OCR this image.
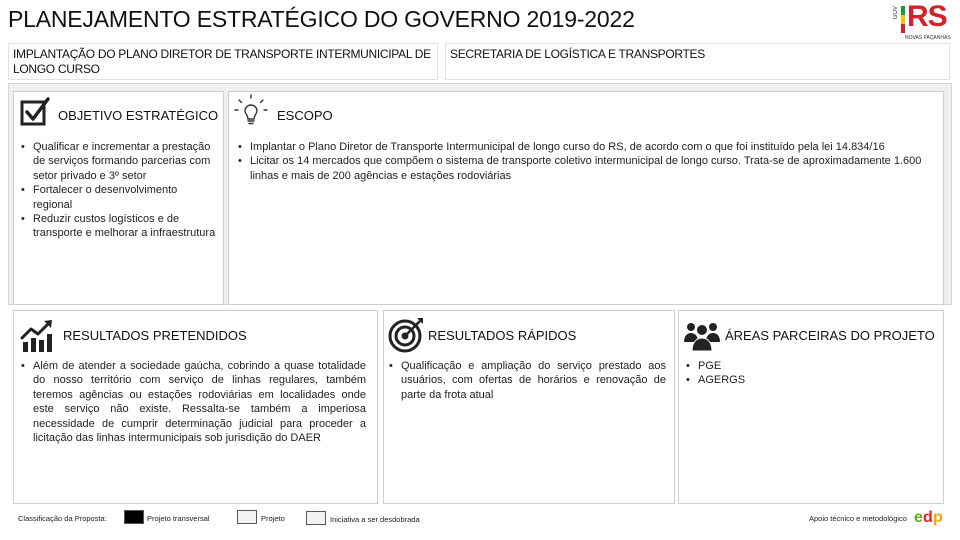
PLANEJAMENTO ESTRATÉGICO DO GOVERNO 2019-2022	GOV RS
NOVAS PAÇANHAS
IMPLANTAÇÃO DO PLANO DIRETOR DE TRANSPORTE INTERMUNICIPAL DE LONGO CURSO
SECRETARIA DE LOGÍSTICA E TRANSPORTES
OBJETIVO ESTRATÉGICO
• Qualificar e incrementar a prestação de serviços formando parcerias com setor privado e 3º setor
• Fortalecer o desenvolvimento regional
• Reduzir custos logísticos e de transporte e melhorar a infraestrutura
ESCOPO
• Implantar o Plano Diretor de Transporte Intermunicipal de longo curso do RS, de acordo com o que foi instituído pela lei 14.834/16
• Licitar os 14 mercados que compõem o sistema de transporte coletivo intermunicipal de longo curso. Trata-se de aproximadamente 1.600 linhas e mais de 200 agências e estações rodoviárias
RESULTADOS PRETENDIDOS
• Além de atender a sociedade gaúcha, cobrindo a quase totalidade do nosso território com serviço de linhas regulares, também teremos agências ou estações rodoviárias em localidades onde este serviço não existe. Ressalta-se também a imperiosa necessidade de cumprir determinação judicial para proceder a licitação das linhas intermunicipais sob jurisdição do DAER
RESULTADOS RÁPIDOS
• Qualificação e ampliação do serviço prestado aos usuários, com ofertas de horários e renovação de parte da frota atual
ÁREAS PARCEIRAS DO PROJETO
• PGE
• AGERGS
Classificação da Proposta:	Projeto transversal	Projeto	Iniciativa a ser desdobrada	Apoio técnico e metodológico e d p
